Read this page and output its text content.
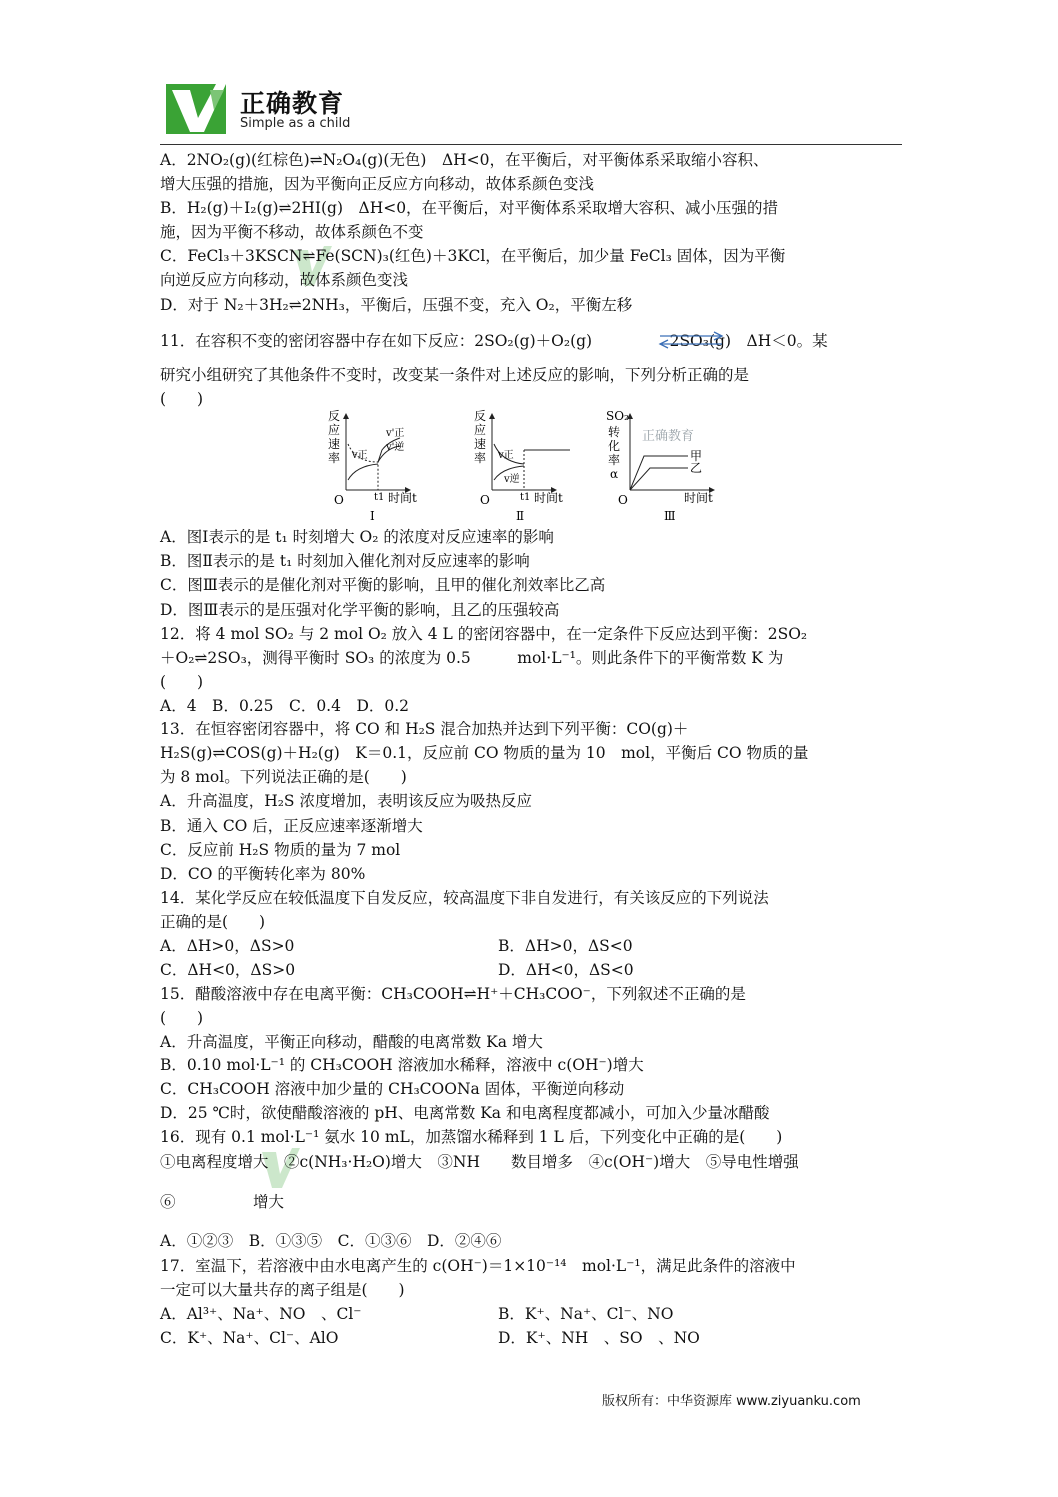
正确教育
Simple as a child
A．2NO₂(g)(红棕色)⇌N₂O₄(g)(无色)　ΔH<0，在平衡后，对平衡体系采取缩小容积、
增大压强的措施，因为平衡向正反应方向移动，故体系颜色变浅
B．H₂(g)＋I₂(g)⇌2HI(g)　ΔH<0，在平衡后，对平衡体系采取增大容积、减小压强的措
施，因为平衡不移动，故体系颜色不变
C．FeCl₃＋3KSCN⇌Fe(SCN)₃(红色)＋3KCl，在平衡后，加少量 FeCl₃ 固体，因为平衡
向逆反应方向移动，故体系颜色变浅
D．对于 N₂＋3H₂⇌2NH₃，平衡后，压强不变，充入 O₂，平衡左移
11．在容积不变的密闭容器中存在如下反应：2SO₂(g)＋O₂(g)　　　　　2SO₃(g)　ΔH＜0。某
研究小组研究了其他条件不变时，改变某一条件对上述反应的影响，下列分析正确的是
(　　)
反
应
速
率 v正
v'正
v'逆
O	t1 时间t
Ⅰ
反
应
速
率 v正
v逆
O	t1 时间t
Ⅱ
SO₂
转
化
率
α
甲
乙
正确教育
O	时间t
Ⅲ
A．图Ⅰ表示的是 t₁ 时刻增大 O₂ 的浓度对反应速率的影响
B．图Ⅱ表示的是 t₁ 时刻加入催化剂对反应速率的影响
C．图Ⅲ表示的是催化剂对平衡的影响，且甲的催化剂效率比乙高
D．图Ⅲ表示的是压强对化学平衡的影响，且乙的压强较高
12．将 4 mol SO₂ 与 2 mol O₂ 放入 4 L 的密闭容器中，在一定条件下反应达到平衡：2SO₂
＋O₂⇌2SO₃，测得平衡时 SO₃ 的浓度为 0.5　　　mol·L⁻¹。则此条件下的平衡常数 K 为
(　　)
A．4　B．0.25　C．0.4　D．0.2
13．在恒容密闭容器中，将 CO 和 H₂S 混合加热并达到下列平衡：CO(g)＋
H₂S(g)⇌COS(g)＋H₂(g)　K＝0.1，反应前 CO 物质的量为 10　mol，平衡后 CO 物质的量
为 8 mol。下列说法正确的是(　　)
A．升高温度，H₂S 浓度增加，表明该反应为吸热反应
B．通入 CO 后，正反应速率逐渐增大
C．反应前 H₂S 物质的量为 7 mol
D．CO 的平衡转化率为 80%
14．某化学反应在较低温度下自发反应，较高温度下非自发进行，有关该反应的下列说法
正确的是(　　)
A．ΔH>0，ΔS>0	B．ΔH>0，ΔS<0
C．ΔH<0，ΔS>0	D．ΔH<0，ΔS<0
15．醋酸溶液中存在电离平衡：CH₃COOH⇌H⁺＋CH₃COO⁻，下列叙述不正确的是
(　　)
A．升高温度，平衡正向移动，醋酸的电离常数 Ka 增大
B．0.10 mol·L⁻¹ 的 CH₃COOH 溶液加水稀释，溶液中 c(OH⁻)增大
C．CH₃COOH 溶液中加少量的 CH₃COONa 固体，平衡逆向移动
D．25 ℃时，欲使醋酸溶液的 pH、电离常数 Ka 和电离程度都减小，可加入少量冰醋酸
16．现有 0.1 mol·L⁻¹ 氨水 10 mL，加蒸馏水稀释到 1 L 后，下列变化中正确的是(　　)
①电离程度增大　②c(NH₃·H₂O)增大　③NH　　数目增多　④c(OH⁻)增大　⑤导电性增强
⑥　　　　　增大
A．①②③　B．①③⑤　C．①③⑥　D．②④⑥
17．室温下，若溶液中由水电离产生的 c(OH⁻)＝1×10⁻¹⁴　mol·L⁻¹，满足此条件的溶液中
一定可以大量共存的离子组是(　　)
A．Al³⁺、Na⁺、NO　、Cl⁻	B．K⁺、Na⁺、Cl⁻、NO
C．K⁺、Na⁺、Cl⁻、AlO	D．K⁺、NH　、SO　、NO
版权所有：中华资源库 www.ziyuanku.com
